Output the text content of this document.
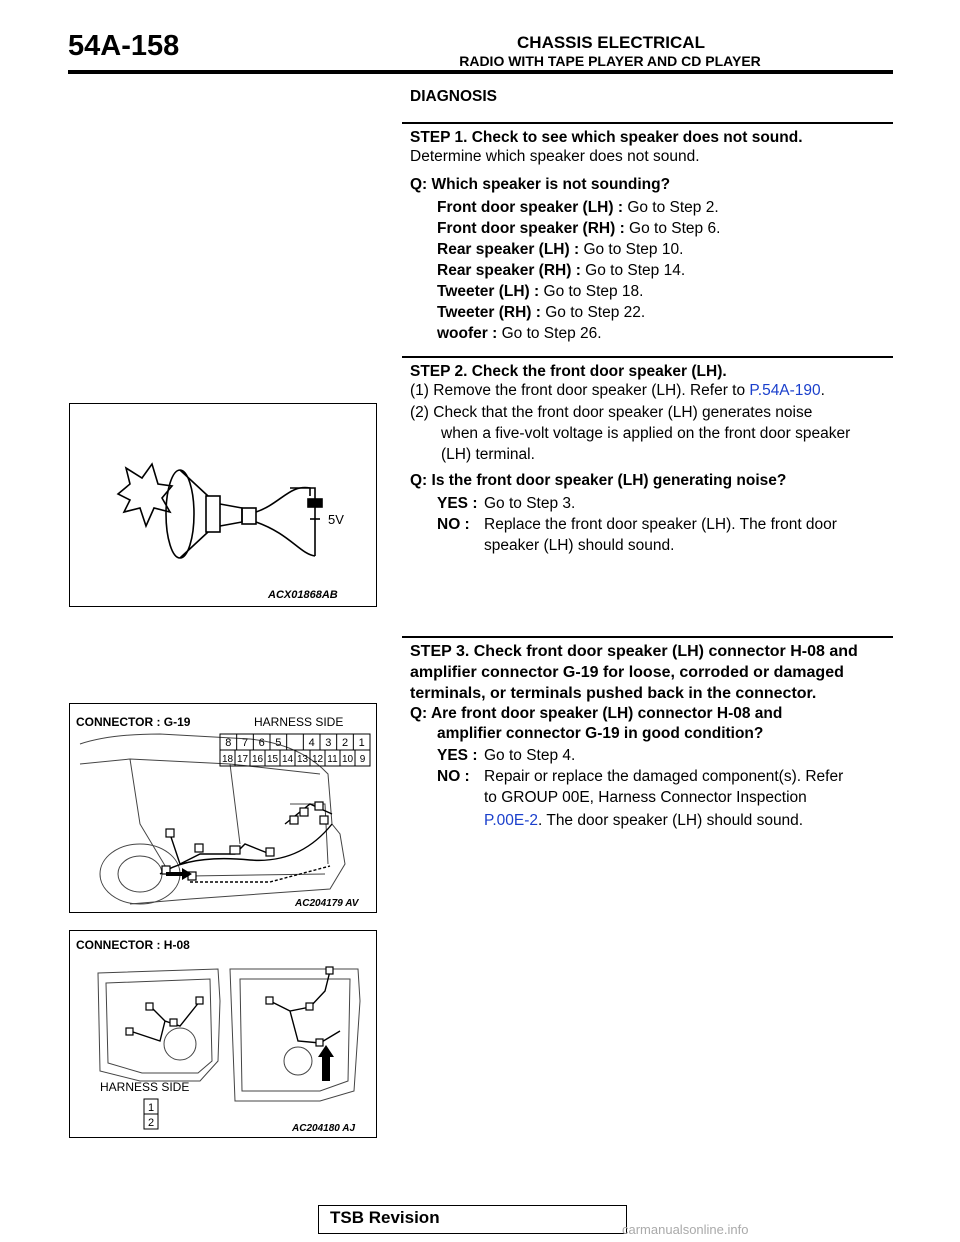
54A-158	CHASSIS ELECTRICAL
RADIO WITH TAPE PLAYER AND CD PLAYER
DIAGNOSIS
STEP 1. Check to see which speaker does not sound.
Determine which speaker does not sound.
Q: Which speaker is not sounding?
Front door speaker (LH) : Go to Step 2.
Front door speaker (RH) : Go to Step 6.
Rear speaker (LH) : Go to Step 10.
Rear speaker (RH) : Go to Step 14.
Tweeter (LH) : Go to Step 18.
Tweeter (RH) : Go to Step 22.
woofer : Go to Step 26.
STEP 2. Check the front door speaker (LH).
(1) Remove the front door speaker (LH). Refer to P.54A-190.
(2) Check that the front door speaker (LH) generates noise
when a five-volt voltage is applied on the front door speaker
(LH) terminal.
Q: Is the front door speaker (LH) generating noise?
YES : Go to Step 3.
NO : Replace the front door speaker (LH). The front door
speaker (LH) should sound.
STEP 3. Check front door speaker (LH) connector H-08 and
amplifier connector G-19 for loose, corroded or damaged
terminals, or terminals pushed back in the connector.
Q: Are front door speaker (LH) connector H-08 and
amplifier connector G-19 in good condition?
YES : Go to Step 4.
NO : Repair or replace the damaged component(s). Refer
to GROUP 00E, Harness Connector Inspection
P.00E-2. The door speaker (LH) should sound.
5V
ACX01868AB
8 7 6 5 4 3 2 1
18 17 16 15 14 13 12 11 10 9
CONNECTOR : G-19	HARNESS SIDE
AC204179 AV
1
2
CONNECTOR : H-08
HARNESS SIDE
AC204180 AJ
TSB Revision
carmanualsonline.info
